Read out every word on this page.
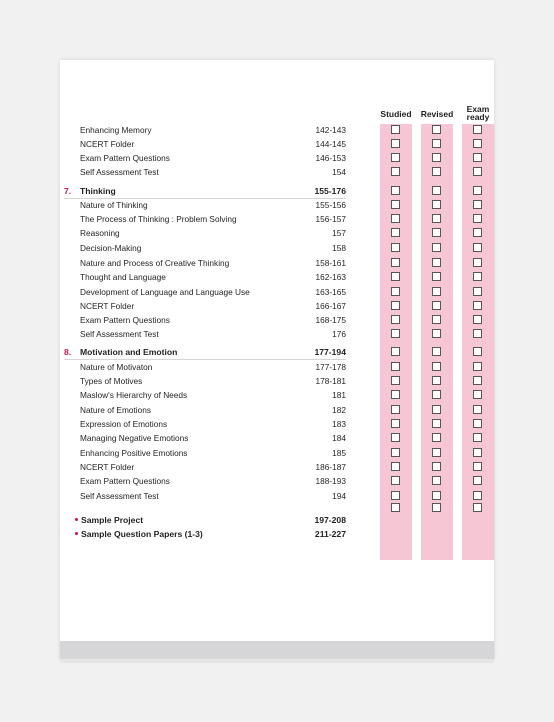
Studied	Revised	Exam ready
Enhancing Memory	142-143
NCERT Folder	144-145
Exam Pattern Questions	146-153
Self Assessment Test	154
7. Thinking	155-176
Nature of Thinking	155-156
The Process of Thinking : Problem Solving	156-157
Reasoning	157
Decision-Making	158
Nature and Process of Creative Thinking	158-161
Thought and Language	162-163
Development of Language and Language Use	163-165
NCERT Folder	166-167
Exam Pattern Questions	168-175
Self Assessment Test	176
8. Motivation and Emotion	177-194
Nature of Motivaton	177-178
Types of Motives	178-181
Maslow's Hierarchy of Needs	181
Nature of Emotions	182
Expression of Emotions	183
Managing Negative Emotions	184
Enhancing Positive Emotions	185
NCERT Folder	186-187
Exam Pattern Questions	188-193
Self Assessment Test	194
Sample Project	197-208
Sample Question Papers (1-3)	211-227
